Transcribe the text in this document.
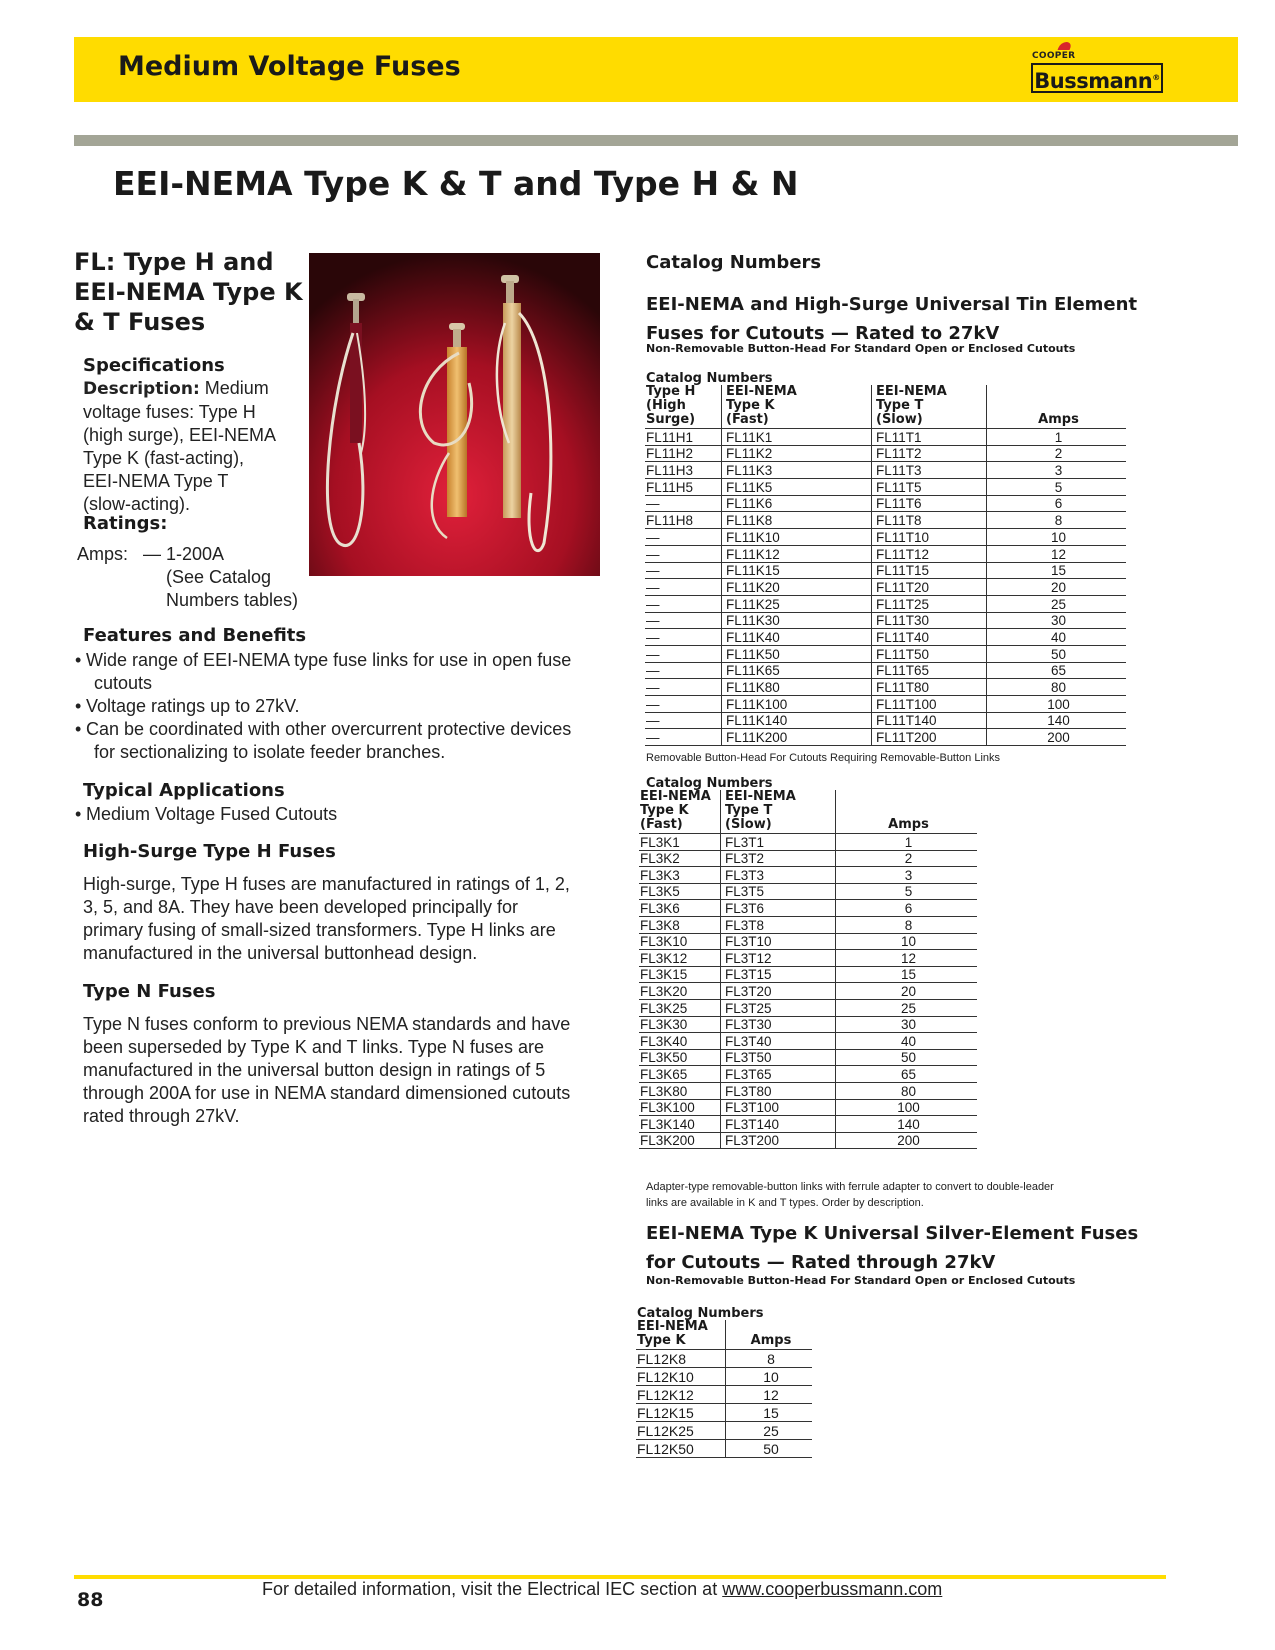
Medium Voltage Fuses	COOPER
Bussmann®
EEI-NEMA Type K & T and Type H & N
FL: Type H and
EEI-NEMA Type K
& T Fuses
Specifications
Description: Medium
voltage fuses: Type H
(high surge), EEI-NEMA
Type K (fast-acting),
EEI-NEMA Type T
(slow-acting).
Ratings:
Amps: — 1-200A
(See Catalog
Numbers tables)
Features and Benefits
• Wide range of EEI-NEMA type fuse links for use in open fuse
cutouts
• Voltage ratings up to 27kV.
• Can be coordinated with other overcurrent protective devices
for sectionalizing to isolate feeder branches.
Typical Applications
• Medium Voltage Fused Cutouts
High-Surge Type H Fuses
High-surge, Type H fuses are manufactured in ratings of 1, 2,
3, 5, and 8A. They have been developed principally for
primary fusing of small-sized transformers. Type H links are
manufactured in the universal buttonhead design.
Type N Fuses
Type N fuses conform to previous NEMA standards and have
been superseded by Type K and T links. Type N fuses are
manufactured in the universal button design in ratings of 5
through 200A for use in NEMA standard dimensioned cutouts
rated through 27kV.
Catalog Numbers
EEI-NEMA and High-Surge Universal Tin Element
Fuses for Cutouts — Rated to 27kV
Non-Removable Button-Head For Standard Open or Enclosed Cutouts
Catalog Numbers
Type H
(High
Surge)	EEI-NEMA
Type K
(Fast)	EEI-NEMA
Type T
(Slow)	Amps
FL11H1	FL11K1	FL11T1	1
FL11H2	FL11K2	FL11T2	2
FL11H3	FL11K3	FL11T3	3
FL11H5	FL11K5	FL11T5	5
—	FL11K6	FL11T6	6
FL11H8	FL11K8	FL11T8	8
—	FL11K10	FL11T10	10
—	FL11K12	FL11T12	12
—	FL11K15	FL11T15	15
—	FL11K20	FL11T20	20
—	FL11K25	FL11T25	25
—	FL11K30	FL11T30	30
—	FL11K40	FL11T40	40
—	FL11K50	FL11T50	50
—	FL11K65	FL11T65	65
—	FL11K80	FL11T80	80
—	FL11K100	FL11T100	100
—	FL11K140	FL11T140	140
—	FL11K200	FL11T200	200
Removable Button-Head For Cutouts Requiring Removable-Button Links
Catalog Numbers
EEI-NEMA
Type K
(Fast)	EEI-NEMA
Type T
(Slow)	Amps
FL3K1	FL3T1	1
FL3K2	FL3T2	2
FL3K3	FL3T3	3
FL3K5	FL3T5	5
FL3K6	FL3T6	6
FL3K8	FL3T8	8
FL3K10	FL3T10	10
FL3K12	FL3T12	12
FL3K15	FL3T15	15
FL3K20	FL3T20	20
FL3K25	FL3T25	25
FL3K30	FL3T30	30
FL3K40	FL3T40	40
FL3K50	FL3T50	50
FL3K65	FL3T65	65
FL3K80	FL3T80	80
FL3K100	FL3T100	100
FL3K140	FL3T140	140
FL3K200	FL3T200	200
Adapter-type removable-button links with ferrule adapter to convert to double-leader
links are available in K and T types. Order by description.
EEI-NEMA Type K Universal Silver-Element Fuses
for Cutouts — Rated through 27kV
Non-Removable Button-Head For Standard Open or Enclosed Cutouts
Catalog Numbers
EEI-NEMA
Type K	Amps
FL12K8	8
FL12K10	10
FL12K12	12
FL12K15	15
FL12K25	25
FL12K50	50
88	For detailed information, visit the Electrical IEC section at www.cooperbussmann.com
